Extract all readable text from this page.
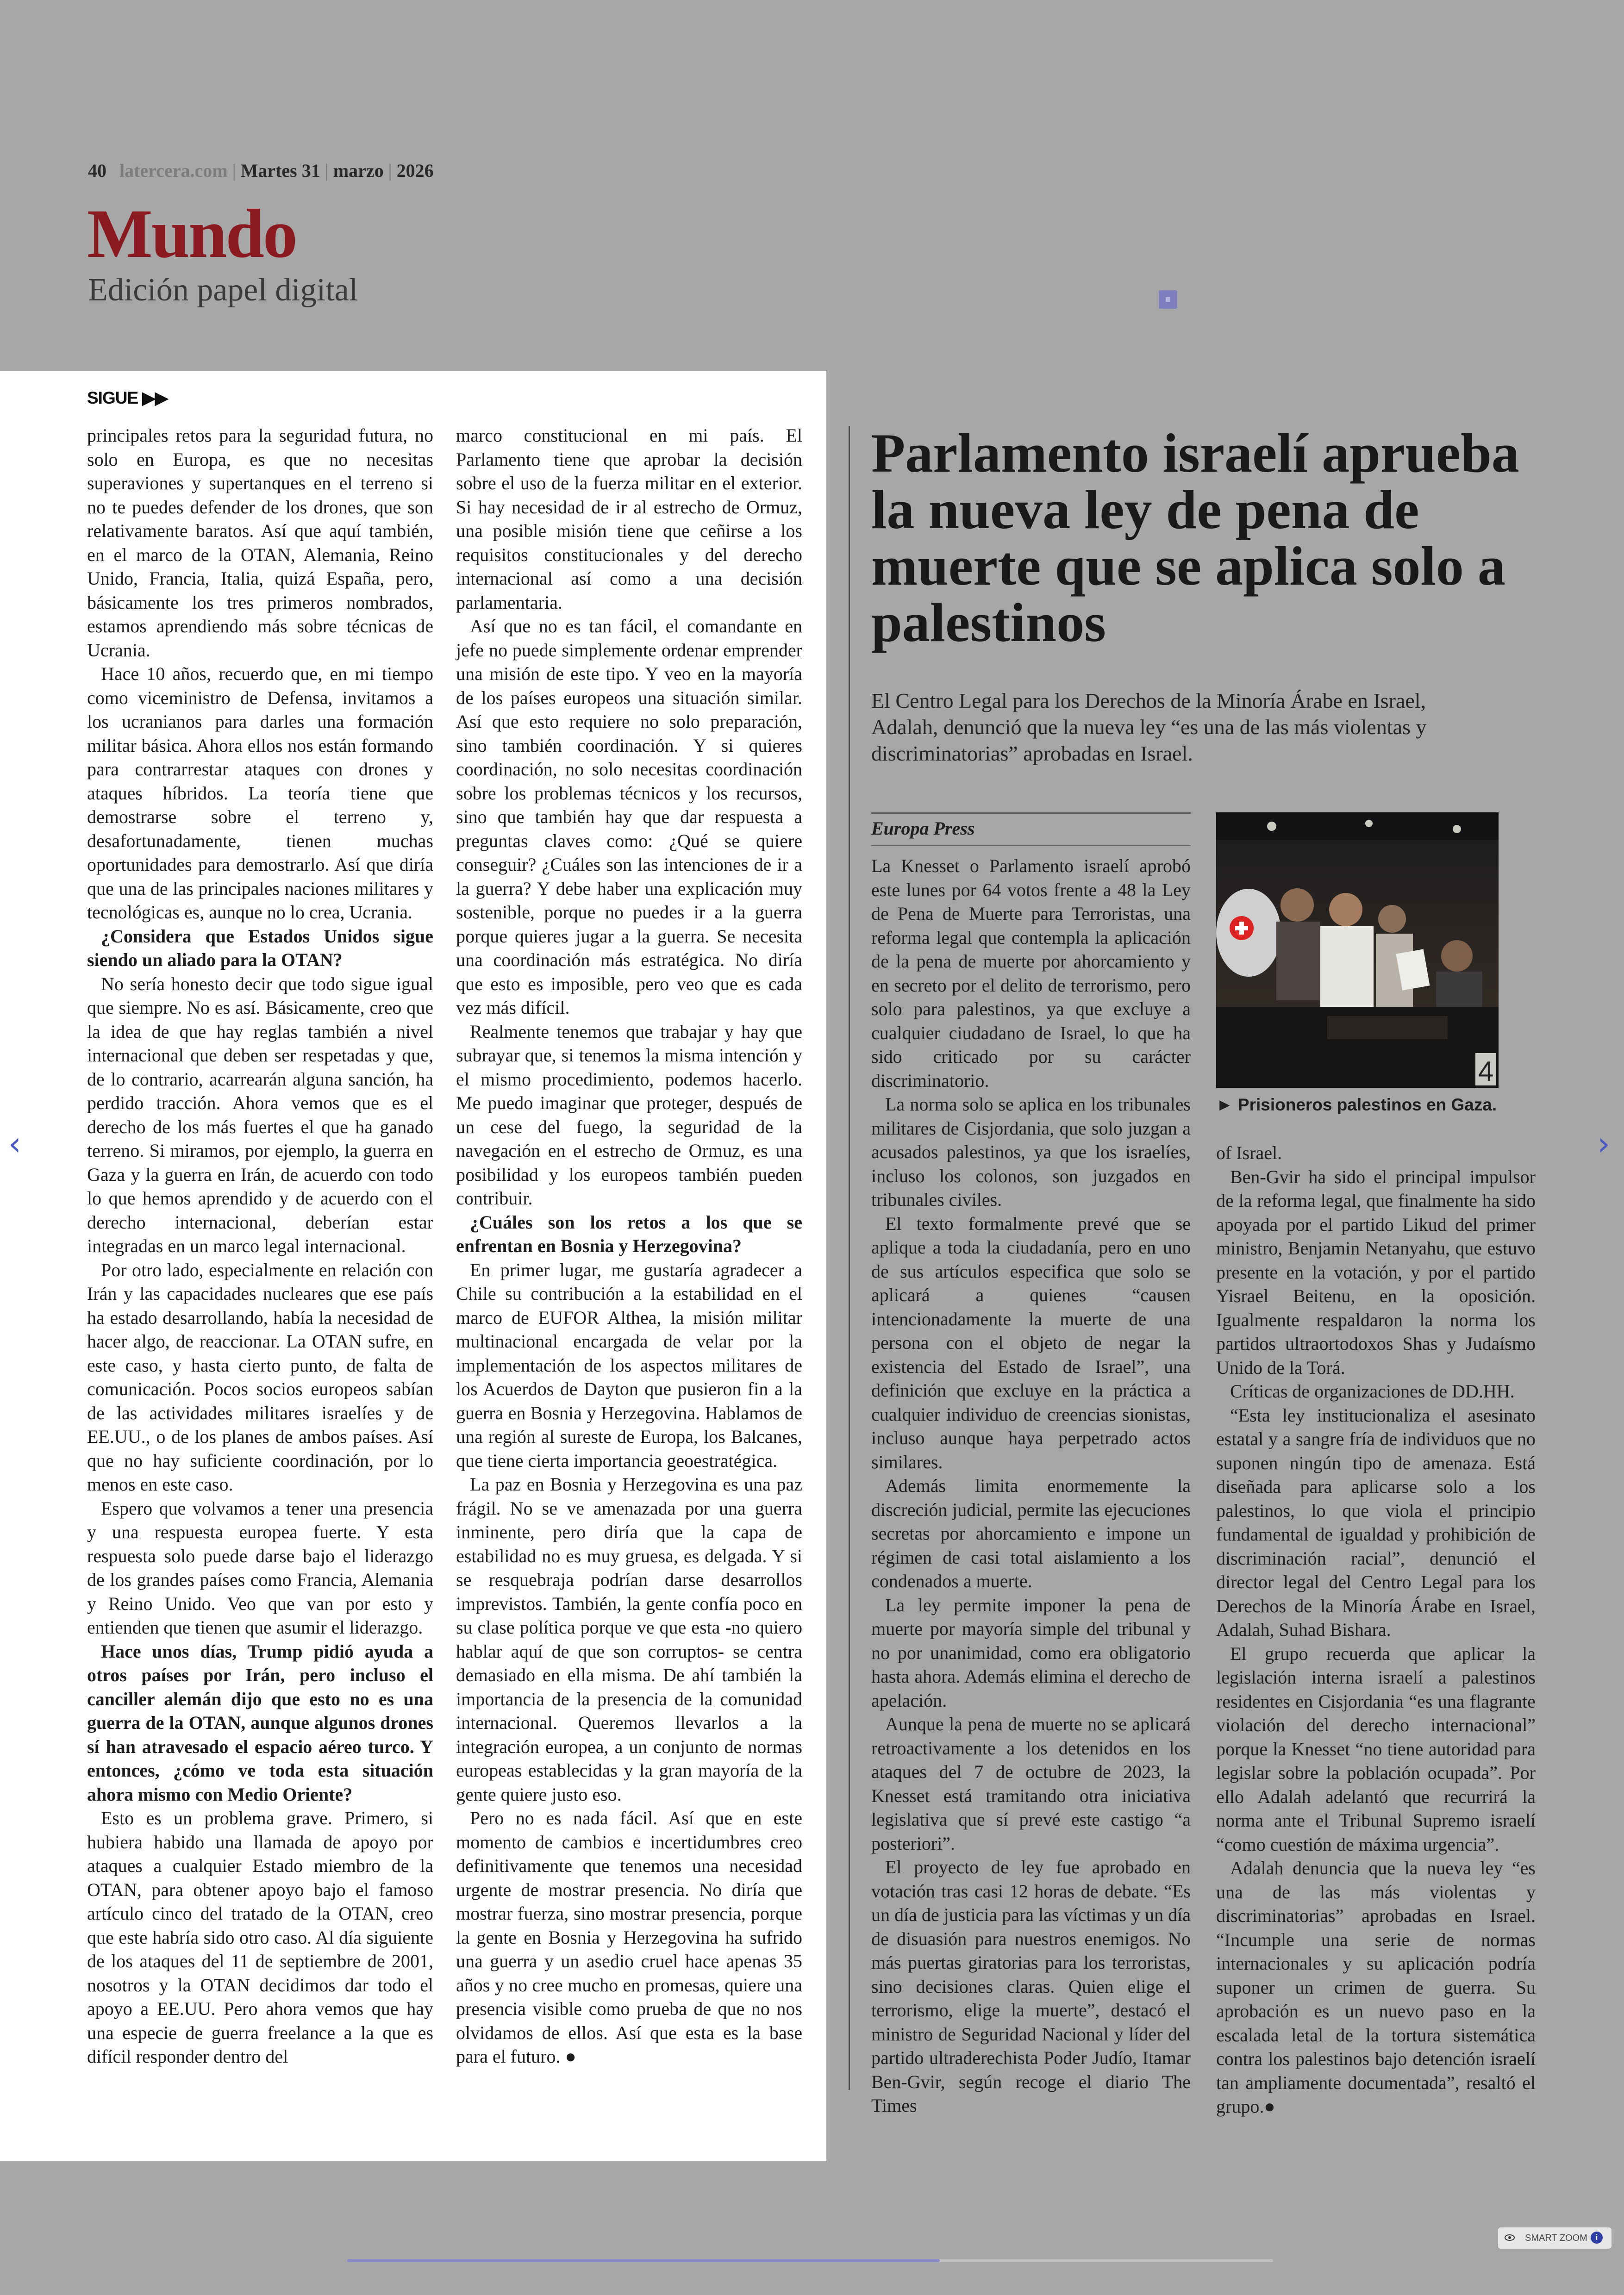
40 latercera.com | Martes 31 | marzo | 2026
Mundo
Edición papel digital
SIGUE ▶▶

principales retos para la seguridad futura, no solo en Europa, es que no necesitas superaviones y supertanques en el terreno si no te puedes defender de los drones, que son relativamente baratos. Así que aquí también, en el marco de la OTAN, Alemania, Reino Unido, Francia, Italia, quizá España, pero, básicamente los tres primeros nombrados, estamos aprendiendo más sobre técnicas de Ucrania.

Hace 10 años, recuerdo que, en mi tiempo como viceministro de Defensa, invitamos a los ucranianos para darles una formación militar básica. Ahora ellos nos están formando para contrarrestar ataques con drones y ataques híbridos. La teoría tiene que demostrarse sobre el terreno y, desafortunadamente, tienen muchas oportunidades para demostrarlo. Así que diría que una de las principales naciones militares y tecnológicas es, aunque no lo crea, Ucrania.

¿Considera que Estados Unidos sigue siendo un aliado para la OTAN?

No sería honesto decir que todo sigue igual que siempre. No es así. Básicamente, creo que la idea de que hay reglas también a nivel internacional que deben ser respetadas y que, de lo contrario, acarrearán alguna sanción, ha perdido tracción. Ahora vemos que es el derecho de los más fuertes el que ha ganado terreno. Si miramos, por ejemplo, la guerra en Gaza y la guerra en Irán, de acuerdo con todo lo que hemos aprendido y de acuerdo con el derecho internacional, deberían estar integradas en un marco legal internacional.

Por otro lado, especialmente en relación con Irán y las capacidades nucleares que ese país ha estado desarrollando, había la necesidad de hacer algo, de reaccionar. La OTAN sufre, en este caso, y hasta cierto punto, de falta de comunicación. Pocos socios europeos sabían de las actividades militares israelíes y de EE.UU., o de los planes de ambos países. Así que no hay suficiente coordinación, por lo menos en este caso.

Espero que volvamos a tener una presencia y una respuesta europea fuerte. Y esta respuesta solo puede darse bajo el liderazgo de los grandes países como Francia, Alemania y Reino Unido. Veo que van por esto y entienden que tienen que asumir el liderazgo.

Hace unos días, Trump pidió ayuda a otros países por Irán, pero incluso el canciller alemán dijo que esto no es una guerra de la OTAN, aunque algunos drones sí han atravesado el espacio aéreo turco. Y entonces, ¿cómo ve toda esta situación ahora mismo con Medio Oriente?

Esto es un problema grave. Primero, si hubiera habido una llamada de apoyo por ataques a cualquier Estado miembro de la OTAN, para obtener apoyo bajo el famoso artículo cinco del tratado de la OTAN, creo que este habría sido otro caso. Al día siguiente de los ataques del 11 de septiembre de 2001, nosotros y la OTAN decidimos dar todo el apoyo a EE.UU. Pero ahora vemos que hay una especie de guerra freelance a la que es difícil responder dentro del

marco constitucional en mi país. El Parlamento tiene que aprobar la decisión sobre el uso de la fuerza militar en el exterior. Si hay necesidad de ir al estrecho de Ormuz, una posible misión tiene que ceñirse a los requisitos constitucionales y del derecho internacional así como a una decisión parlamentaria.

Así que no es tan fácil, el comandante en jefe no puede simplemente ordenar emprender una misión de este tipo. Y veo en la mayoría de los países europeos una situación similar. Así que esto requiere no solo preparación, sino también coordinación. Y si quieres coordinación, no solo necesitas coordinación sobre los problemas técnicos y los recursos, sino que también hay que dar respuesta a preguntas claves como: ¿Qué se quiere conseguir? ¿Cuáles son las intenciones de ir a la guerra? Y debe haber una explicación muy sostenible, porque no puedes ir a la guerra porque quieres jugar a la guerra. Se necesita una coordinación más estratégica. No diría que esto es imposible, pero veo que es cada vez más difícil.

Realmente tenemos que trabajar y hay que subrayar que, si tenemos la misma intención y el mismo procedimiento, podemos hacerlo. Me puedo imaginar que proteger, después de un cese del fuego, la seguridad de la navegación en el estrecho de Ormuz, es una posibilidad y los europeos también pueden contribuir.

¿Cuáles son los retos a los que se enfrentan en Bosnia y Herzegovina?

En primer lugar, me gustaría agradecer a Chile su contribución a la estabilidad en el marco de EUFOR Althea, la misión militar multinacional encargada de velar por la implementación de los aspectos militares de los Acuerdos de Dayton que pusieron fin a la guerra en Bosnia y Herzegovina. Hablamos de una región al sureste de Europa, los Balcanes, que tiene cierta importancia geoestratégica.

La paz en Bosnia y Herzegovina es una paz frágil. No se ve amenazada por una guerra inminente, pero diría que la capa de estabilidad no es muy gruesa, es delgada. Y si se resquebraja podrían darse desarrollos imprevistos. También, la gente confía poco en su clase política porque ve que esta -no quiero hablar aquí de que son corruptos- se centra demasiado en ella misma. De ahí también la importancia de la presencia de la comunidad internacional. Queremos llevarlos a la integración europea, a un conjunto de normas europeas establecidas y la gran mayoría de la gente quiere justo eso.

Pero no es nada fácil. Así que en este momento de cambios e incertidumbres creo definitivamente que tenemos una necesidad urgente de mostrar presencia. No diría que mostrar fuerza, sino mostrar presencia, porque la gente en Bosnia y Herzegovina ha sufrido una guerra y un asedio cruel hace apenas 35 años y no cree mucho en promesas, quiere una presencia visible como prueba de que no nos olvidamos de ellos. Así que esta es la base para el futuro. ●

Parlamento israelí aprueba la nueva ley de pena de muerte que se aplica solo a palestinos
El Centro Legal para los Derechos de la Minoría Árabe en Israel, Adalah, denunció que la nueva ley “es una de las más violentas y discriminatorias” aprobadas en Israel.
Europa Press
4
► Prisioneros palestinos en Gaza.

La Knesset o Parlamento israelí aprobó este lunes por 64 votos frente a 48 la Ley de Pena de Muerte para Terroristas, una reforma legal que contempla la aplicación de la pena de muerte por ahorcamiento y en secreto por el delito de terrorismo, pero solo para palestinos, ya que excluye a cualquier ciudadano de Israel, lo que ha sido criticado por su carácter discriminatorio.

La norma solo se aplica en los tribunales militares de Cisjordania, que solo juzgan a acusados palestinos, ya que los israelíes, incluso los colonos, son juzgados en tribunales civiles.

El texto formalmente prevé que se aplique a toda la ciudadanía, pero en uno de sus artículos especifica que solo se aplicará a quienes “causen intencionadamente la muerte de una persona con el objeto de negar la existencia del Estado de Israel”, una definición que excluye en la práctica a cualquier individuo de creencias sionistas, incluso aunque haya perpetrado actos similares.

Además limita enormemente la discreción judicial, permite las ejecuciones secretas por ahorcamiento e impone un régimen de casi total aislamiento a los condenados a muerte.

La ley permite imponer la pena de muerte por mayoría simple del tribunal y no por unanimidad, como era obligatorio hasta ahora. Además elimina el derecho de apelación.

Aunque la pena de muerte no se aplicará retroactivamente a los detenidos en los ataques del 7 de octubre de 2023, la Knesset está tramitando otra iniciativa legislativa que sí prevé este castigo “a posteriori”.

El proyecto de ley fue aprobado en votación tras casi 12 horas de debate. “Es un día de justicia para las víctimas y un día de disuasión para nuestros enemigos. No más puertas giratorias para los terroristas, sino decisiones claras. Quien elige el terrorismo, elige la muerte”, destacó el ministro de Seguridad Nacional y líder del partido ultraderechista Poder Judío, Itamar Ben-Gvir, según recoge el diario The Times

of Israel.

Ben-Gvir ha sido el principal impulsor de la reforma legal, que finalmente ha sido apoyada por el partido Likud del primer ministro, Benjamin Netanyahu, que estuvo presente en la votación, y por el partido Yisrael Beitenu, en la oposición. Igualmente respaldaron la norma los partidos ultraortodoxos Shas y Judaísmo Unido de la Torá.

Críticas de organizaciones de DD.HH.

“Esta ley institucionaliza el asesinato estatal y a sangre fría de individuos que no suponen ningún tipo de amenaza. Está diseñada para aplicarse solo a los palestinos, lo que viola el principio fundamental de igualdad y prohibición de discriminación racial”, denunció el director legal del Centro Legal para los Derechos de la Minoría Árabe en Israel, Adalah, Suhad Bishara.

El grupo recuerda que aplicar la legislación interna israelí a palestinos residentes en Cisjordania “es una flagrante violación del derecho internacional” porque la Knesset “no tiene autoridad para legislar sobre la población ocupada”. Por ello Adalah adelantó que recurrirá la norma ante el Tribunal Supremo israelí “como cuestión de máxima urgencia”.

Adalah denuncia que la nueva ley “es una de las más violentas y discriminatorias” aprobadas en Israel. “Incumple una serie de normas internacionales y su aplicación podría suponer un crimen de guerra. Su aprobación es un nuevo paso en la escalada letal de la tortura sistemática contra los palestinos bajo detención israelí tan ampliamente documentada”, resaltó el grupo.●

‹	›
SMART ZOOM	i
